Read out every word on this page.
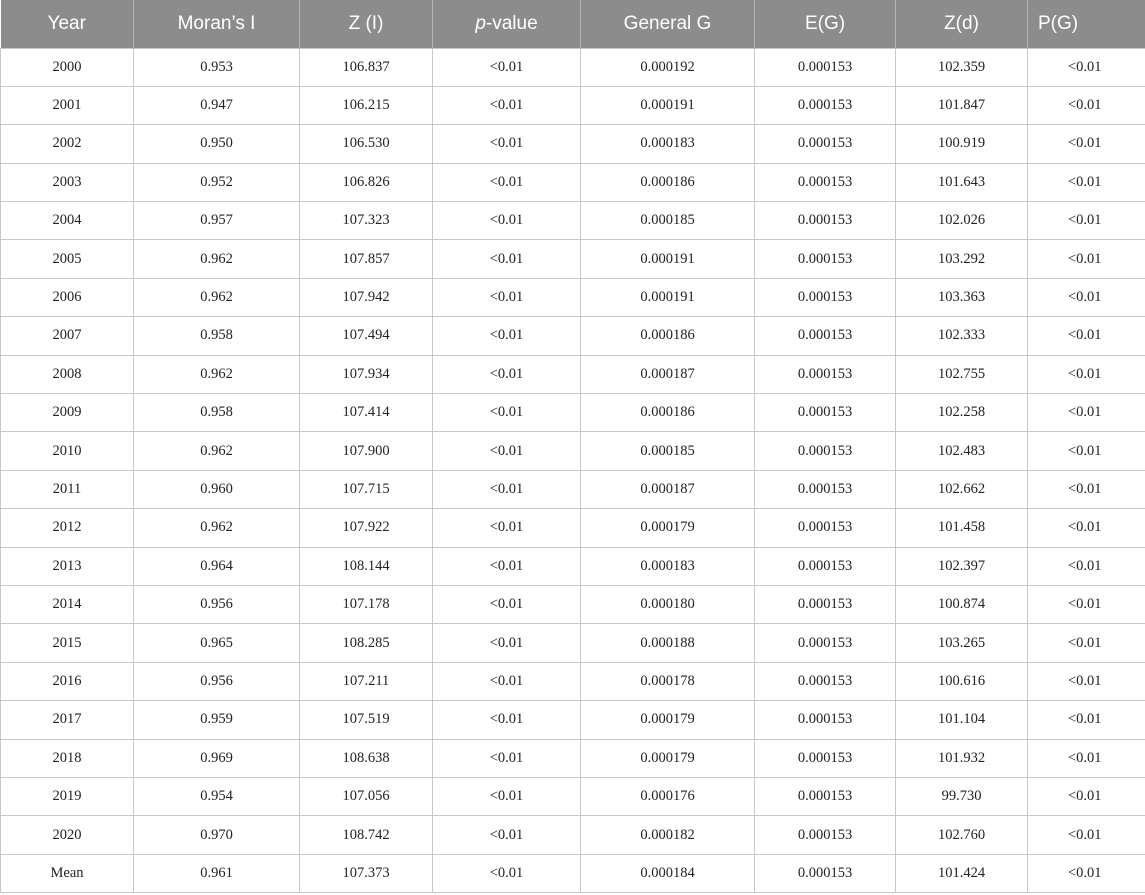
Year	Moran’s I	Z (I)	p-value	General G	E(G)	Z(d)	P(G)
2000	0.953	106.837	<0.01	0.000192	0.000153	102.359	<0.01
2001	0.947	106.215	<0.01	0.000191	0.000153	101.847	<0.01
2002	0.950	106.530	<0.01	0.000183	0.000153	100.919	<0.01
2003	0.952	106.826	<0.01	0.000186	0.000153	101.643	<0.01
2004	0.957	107.323	<0.01	0.000185	0.000153	102.026	<0.01
2005	0.962	107.857	<0.01	0.000191	0.000153	103.292	<0.01
2006	0.962	107.942	<0.01	0.000191	0.000153	103.363	<0.01
2007	0.958	107.494	<0.01	0.000186	0.000153	102.333	<0.01
2008	0.962	107.934	<0.01	0.000187	0.000153	102.755	<0.01
2009	0.958	107.414	<0.01	0.000186	0.000153	102.258	<0.01
2010	0.962	107.900	<0.01	0.000185	0.000153	102.483	<0.01
2011	0.960	107.715	<0.01	0.000187	0.000153	102.662	<0.01
2012	0.962	107.922	<0.01	0.000179	0.000153	101.458	<0.01
2013	0.964	108.144	<0.01	0.000183	0.000153	102.397	<0.01
2014	0.956	107.178	<0.01	0.000180	0.000153	100.874	<0.01
2015	0.965	108.285	<0.01	0.000188	0.000153	103.265	<0.01
2016	0.956	107.211	<0.01	0.000178	0.000153	100.616	<0.01
2017	0.959	107.519	<0.01	0.000179	0.000153	101.104	<0.01
2018	0.969	108.638	<0.01	0.000179	0.000153	101.932	<0.01
2019	0.954	107.056	<0.01	0.000176	0.000153	99.730	<0.01
2020	0.970	108.742	<0.01	0.000182	0.000153	102.760	<0.01
Mean	0.961	107.373	<0.01	0.000184	0.000153	101.424	<0.01
